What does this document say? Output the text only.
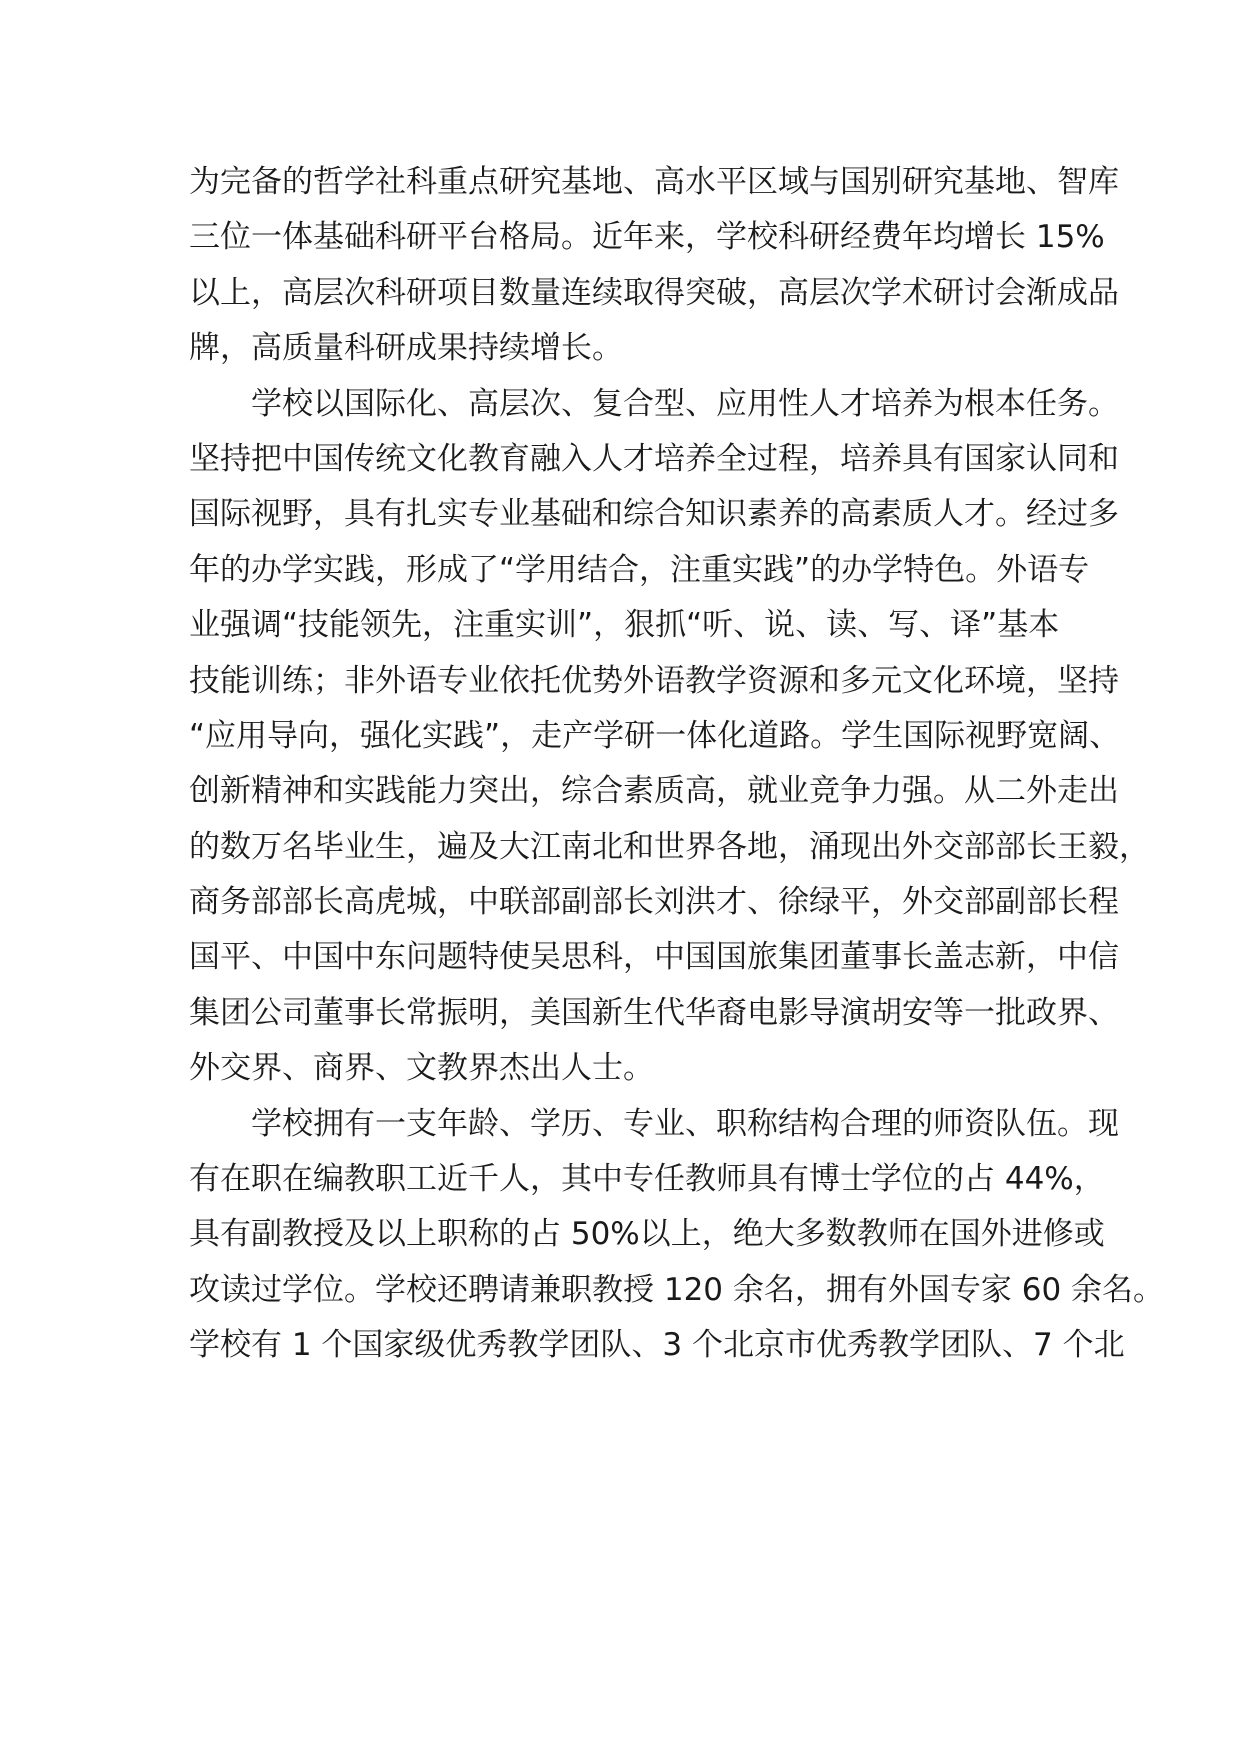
为完备的哲学社科重点研究基地、高水平区域与国别研究基地、智库
三位一体基础科研平台格局。近年来，学校科研经费年均增长 15%
以上，高层次科研项目数量连续取得突破，高层次学术研讨会渐成品
牌，高质量科研成果持续增长。
学校以国际化、高层次、复合型、应用性人才培养为根本任务。
坚持把中国传统文化教育融入人才培养全过程，培养具有国家认同和
国际视野，具有扎实专业基础和综合知识素养的高素质人才。经过多
年的办学实践，形成了“学用结合，注重实践”的办学特色。外语专
业强调“技能领先，注重实训”，狠抓“听、说、读、写、译”基本
技能训练；非外语专业依托优势外语教学资源和多元文化环境，坚持
“应用导向，强化实践”，走产学研一体化道路。学生国际视野宽阔、
创新精神和实践能力突出，综合素质高，就业竞争力强。从二外走出
的数万名毕业生，遍及大江南北和世界各地，涌现出外交部部长王毅，
商务部部长高虎城，中联部副部长刘洪才、徐绿平，外交部副部长程
国平、中国中东问题特使吴思科，中国国旅集团董事长盖志新，中信
集团公司董事长常振明，美国新生代华裔电影导演胡安等一批政界、
外交界、商界、文教界杰出人士。
学校拥有一支年龄、学历、专业、职称结构合理的师资队伍。现
有在职在编教职工近千人，其中专任教师具有博士学位的占 44%，
具有副教授及以上职称的占 50%以上，绝大多数教师在国外进修或
攻读过学位。学校还聘请兼职教授 120 余名，拥有外国专家 60 余名。
学校有 1 个国家级优秀教学团队、3 个北京市优秀教学团队、7 个北
